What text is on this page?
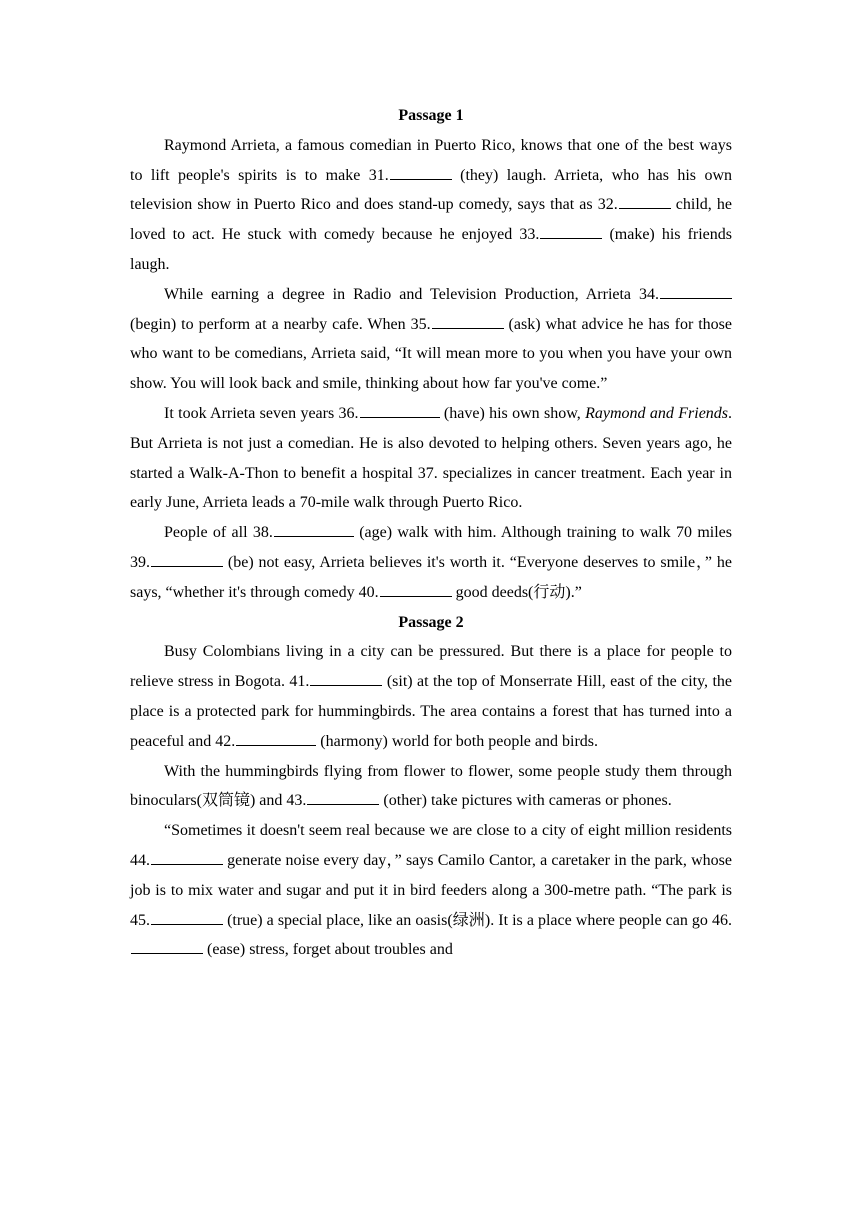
Passage 1

Raymond Arrieta, a famous comedian in Puerto Rico, knows that one of the best ways to lift people's spirits is to make 31.	(they) laugh. Arrieta, who has his own television show in Puerto Rico and does stand-up comedy, says that as 32.	child, he loved to act. He stuck with comedy because he enjoyed 33.	(make) his friends laugh.

While earning a degree in Radio and Television Production, Arrieta 34. (begin) to perform at a nearby cafe. When 35.	(ask) what advice he has for those who want to be comedians, Arrieta said, “It will mean more to you when you have your own show. You will look back and smile, thinking about how far you've come.”

It took Arrieta seven years 36.	(have) his own show, Raymond and Friends. But Arrieta is not just a comedian. He is also devoted to helping others. Seven years ago, he started a Walk-A-Thon to benefit a hospital 37. specializes in cancer treatment. Each year in early June, Arrieta leads a 70-mile walk through Puerto Rico.

People of all 38.	(age) walk with him. Although training to walk 70 miles 39.	(be) not easy, Arrieta believes it's worth it. “Everyone deserves to smile，” he says, “whether it's through comedy 40.	good deeds(行动).”

Passage 2

Busy Colombians living in a city can be pressured. But there is a place for people to relieve stress in Bogota. 41.	(sit) at the top of Monserrate Hill, east of the city, the place is a protected park for hummingbirds. The area contains a forest that has turned into a peaceful and 42.	(harmony) world for both people and birds.

With the hummingbirds flying from flower to flower, some people study them through binoculars(双筒镜) and 43.	(other) take pictures with cameras or phones.

“Sometimes it doesn't seem real because we are close to a city of eight million residents 44.	generate noise every day，” says Camilo Cantor, a caretaker in the park, whose job is to mix water and sugar and put it in bird feeders along a 300-metre path. “The park is 45.	(true) a special place, like an oasis(绿洲). It is a place where people can go 46. (ease) stress, forget about troubles and
